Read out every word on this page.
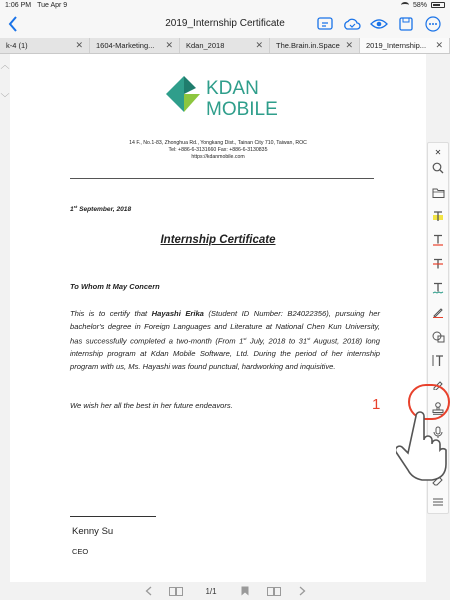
1:06 PM Tue Apr 9	58%
2019_Internship Certificate
k-4 (1)	✕ 1604-Marketing... ✕ Kdan_2018	✕ The.Brain.in.Space ✕ 2019_Internship... ✕
︿
﹀	KDAN
MOBILE
14 F., No.1-83, Zhonghua Rd., Yongkang Dist., Tainan City 710, Taiwan, ROC
Tel: +886-6-3131660 Fax: +886-6-3130835
https://kdanmobile.com
1st September, 2018
Internship Certificate
To Whom It May Concern
This is to certify that Hayashi Erika (Student ID Number: B24022356), pursuing her bachelor's degree in Foreign Languages and Literature at National Chen Kun University, has successfully completed a two-month (From 1st July, 2018 to 31st August, 2018) long internship program at Kdan Mobile Software, Ltd. During the period of her internship program with us, Ms. Hayashi was found punctual, hardworking and inquisitive.
We wish her all the best in her future endeavors.
Kenny Su
CEO
✕
1
1/1
